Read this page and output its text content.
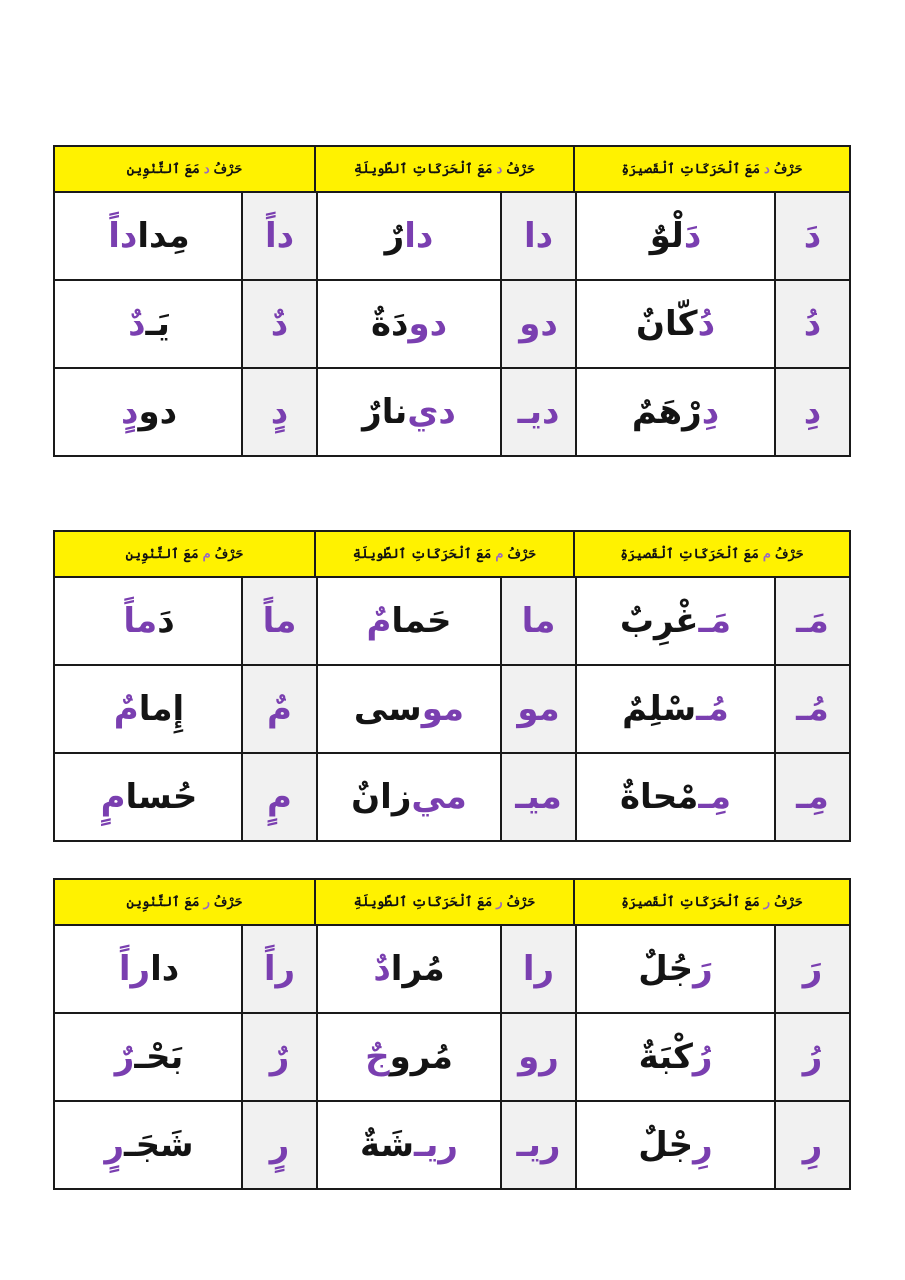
حَرْفُ
د
مَعَ ٱلْحَرَكَاتِ ٱلْقَصيرَةِ
حَرْفُ
د
مَعَ ٱلْحَرَكَاتِ ٱلطَّويلَةِ
حَرْفُ
د
مَعَ ٱلتَّنْوِين
دَ
دَ
لْوٌ
دا
دا
رٌ
داً
مِدا
داً
دُ
دُ
كّانٌ
دو
دو
دَةٌ
دٌ
يَـ
دٌ
دِ
دِ
رْهَمٌ
ديـ
دي
نارٌ
دٍ
دو
دٍ
حَرْفُ
م
مَعَ ٱلْحَرَكَاتِ ٱلْقَصيرَةِ
حَرْفُ
م
مَعَ ٱلْحَرَكَاتِ ٱلطَّويلَةِ
حَرْفُ
م
مَعَ ٱلتَّنْوِين
مَـ
مَـ
غْرِبٌ
ما
حَما
مٌ
ماً
دَ
ماً
مُـ
مُـ
سْلِمٌ
مو
مو
سى
مٌ
إِما
مٌ
مِـ
مِـ
مْحاةٌ
ميـ
مي
زانٌ
مٍ
حُسا
مٍ
حَرْفُ
ر
مَعَ ٱلْحَرَكَاتِ ٱلْقَصيرَةِ
حَرْفُ
ر
مَعَ ٱلْحَرَكَاتِ ٱلطَّويلَةِ
حَرْفُ
ر
مَعَ ٱلتَّنْوِين
رَ
رَ
جُلٌ
را
مُرا
دٌ
راً
دا
راً
رُ
رُ
كْبَةٌ
رو
مُرو
جٌ
رٌ
بَحْـ
رٌ
رِ
رِ
جْلٌ
ريـ
ريـ
شَةٌ
رٍ
شَجَـ
رٍ
